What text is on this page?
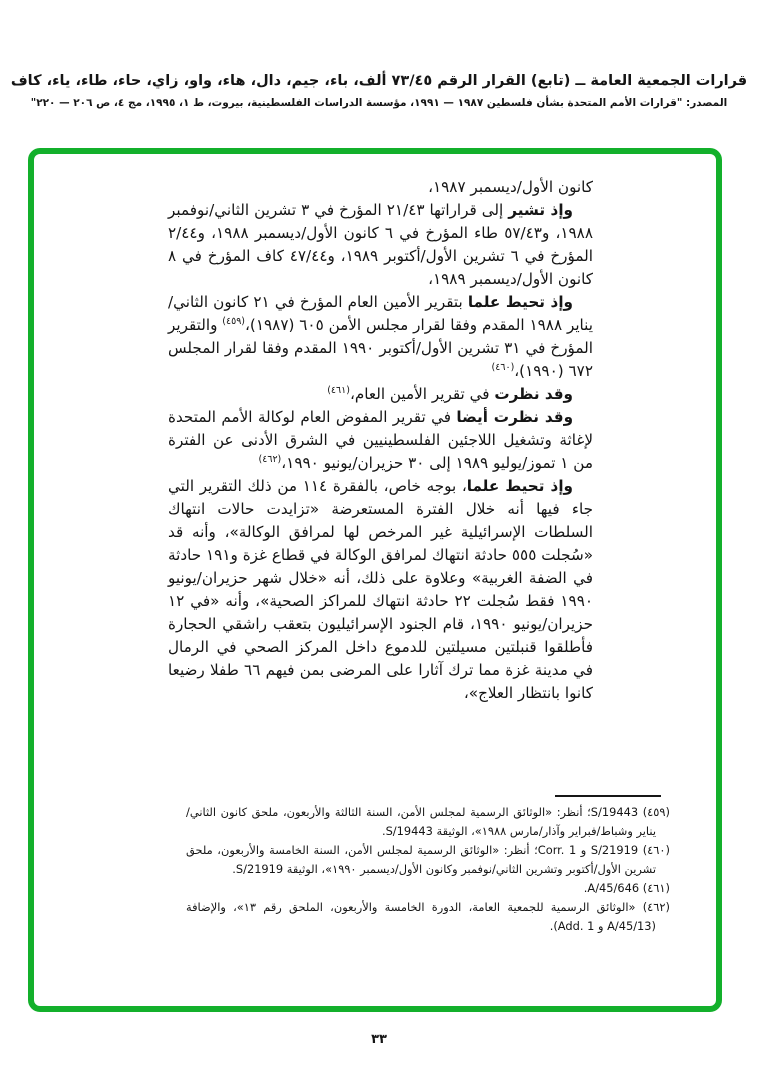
قرارات الجمعية العامة ــ (تابع) القرار الرقم ٧٣/٤٥ ألف، باء، جيم، دال، هاء، واو، زاي، حاء، طاء، ياء، كاف

المصدر: "قرارات الأمم المتحدة بشأن فلسطين ١٩٨٧ — ١٩٩١، مؤسسة الدراسات الفلسطينية، بيروت، ط ١، ١٩٩٥، مج ٤، ص ٢٠٦ — ٢٢٠"

كانون الأول/ديسمبر ١٩٨٧،

وإذ تشير إلى قراراتها ٢١/٤٣ المؤرخ في ٣ تشرين الثاني/نوفمبر ١٩٨٨، و٥٧/٤٣ طاء المؤرخ في ٦ كانون الأول/ديسمبر ١٩٨٨، و٢/٤٤ المؤرخ في ٦ تشرين الأول/أكتوبر ١٩٨٩، و٤٧/٤٤ كاف المؤرخ في ٨ كانون الأول/ديسمبر ١٩٨٩،

وإذ تحيط علما بتقرير الأمين العام المؤرخ في ٢١ كانون الثاني/يناير ١٩٨٨ المقدم وفقا لقرار مجلس الأمن ٦٠٥ (١٩٨٧)،$^{(٤٥٩)}$ والتقرير المؤرخ في ٣١ تشرين الأول/أكتوبر ١٩٩٠ المقدم وفقا لقرار المجلس ٦٧٢ (١٩٩٠)،$^{(٤٦٠)}$

وقد نظرت في تقرير الأمين العام،$^{(٤٦١)}$

وقد نظرت أيضا في تقرير المفوض العام لوكالة الأمم المتحدة لإغاثة وتشغيل اللاجئين الفلسطينيين في الشرق الأدنى عن الفترة من ١ تموز/يوليو ١٩٨٩ إلى ٣٠ حزيران/يونيو ١٩٩٠،$^{(٤٦٢)}$

وإذ تحيط علما، بوجه خاص، بالفقرة ١١٤ من ذلك التقرير التي جاء فيها أنه خلال الفترة المستعرضة «تزايدت حالات انتهاك السلطات الإسرائيلية غير المرخص لها لمرافق الوكالة»، وأنه قد «سُجلت ٥٥٥ حادثة انتهاك لمرافق الوكالة في قطاع غزة و١٩١ حادثة في الضفة الغربية» وعلاوة على ذلك، أنه «خلال شهر حزيران/يونيو ١٩٩٠ فقط سُجلت ٢٢ حادثة انتهاك للمراكز الصحية»، وأنه «في ١٢ حزيران/يونيو ١٩٩٠، قام الجنود الإسرائيليون بتعقب راشقي الحجارة فأطلقوا قنبلتين مسيلتين للدموع داخل المركز الصحي في الرمال في مدينة غزة مما ترك آثارا على المرضى بمن فيهم ٦٦ طفلا رضيعا كانوا بانتظار العلاج»،

(٤٥٩) S/19443؛ أنظر: «الوثائق الرسمية لمجلس الأمن، السنة الثالثة والأربعون، ملحق كانون الثاني/يناير وشباط/فبراير وآذار/مارس ١٩٨٨»، الوثيقة S/19443.

(٤٦٠) S/21919 و Corr. 1؛ أنظر: «الوثائق الرسمية لمجلس الأمن، السنة الخامسة والأربعون، ملحق تشرين الأول/أكتوبر وتشرين الثاني/نوفمبر وكانون الأول/ديسمبر ١٩٩٠»، الوثيقة S/21919.

(٤٦١) A/45/646.

(٤٦٢) «الوثائق الرسمية للجمعية العامة، الدورة الخامسة والأربعون، الملحق رقم ١٣»، والإضافة (A/45/13 و Add. 1).

٣٣
